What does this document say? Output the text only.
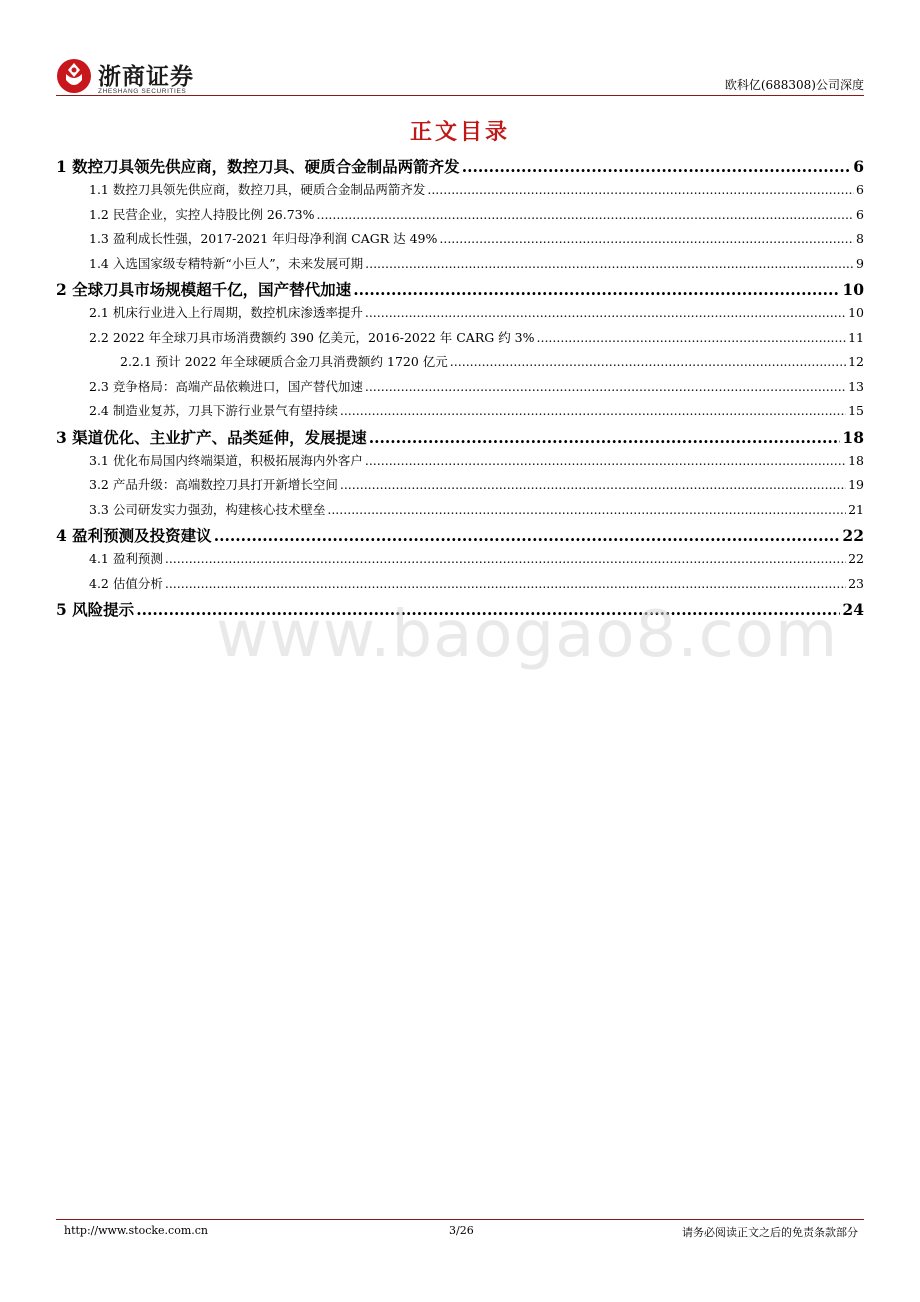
浙商证券
ZHESHANG SECURITIES	欧科亿(688308)公司深度
正文目录
1 数控刀具领先供应商，数控刀具、硬质合金制品两箭齐发 .....	6
1.1 数控刀具领先供应商，数控刀具，硬质合金制品两箭齐发 .....	6
1.2 民营企业，实控人持股比例 26.73% .....	6
1.3 盈利成长性强，2017-2021 年归母净利润 CAGR 达 49% .....	8
1.4 入选国家级专精特新“小巨人”，未来发展可期 .....	9
2 全球刀具市场规模超千亿，国产替代加速 .....	10
2.1 机床行业进入上行周期，数控机床渗透率提升 .....	10
2.2 2022 年全球刀具市场消费额约 390 亿美元，2016-2022 年 CARG 约 3% .....	11
2.2.1 预计 2022 年全球硬质合金刀具消费额约 1720 亿元 .....	12
2.3 竞争格局：高端产品依赖进口，国产替代加速 .....	13
2.4 制造业复苏，刀具下游行业景气有望持续 .....	15
3 渠道优化、主业扩产、品类延伸，发展提速 .....	18
3.1 优化布局国内终端渠道，积极拓展海内外客户 .....	18
3.2 产品升级：高端数控刀具打开新增长空间 .....	19
3.3 公司研发实力强劲，构建核心技术壁垒 .....	21
4 盈利预测及投资建议 .....	22
4.1 盈利预测 .....	22
4.2 估值分析 .....	23
5 风险提示 .....	24
www.baogao8.com
http://www.stocke.com.cn	3/26	请务必阅读正文之后的免责条款部分
